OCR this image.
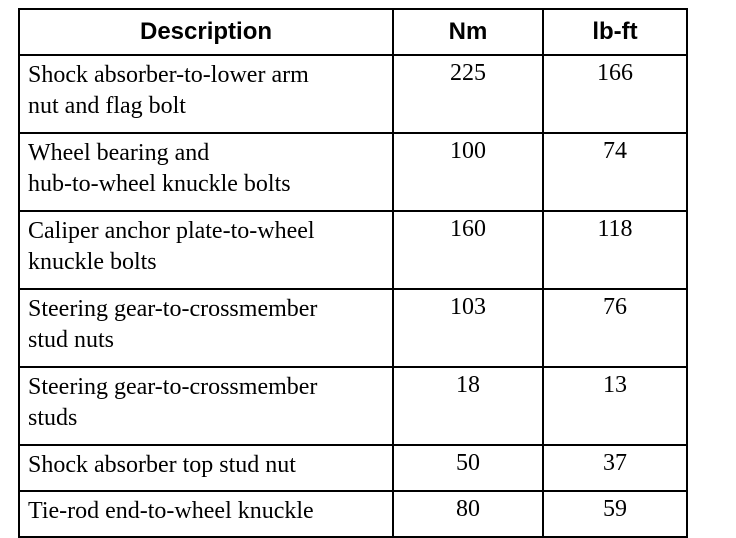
Description	Nm	lb-ft
Shock absorber-to-lower arm
nut and flag bolt	225	166
Wheel bearing and
hub-to-wheel knuckle bolts	100	74
Caliper anchor plate-to-wheel
knuckle bolts	160	118
Steering gear-to-crossmember
stud nuts	103	76
Steering gear-to-crossmember
studs	18	13
Shock absorber top stud nut	50	37
Tie-rod end-to-wheel knuckle	80	59
